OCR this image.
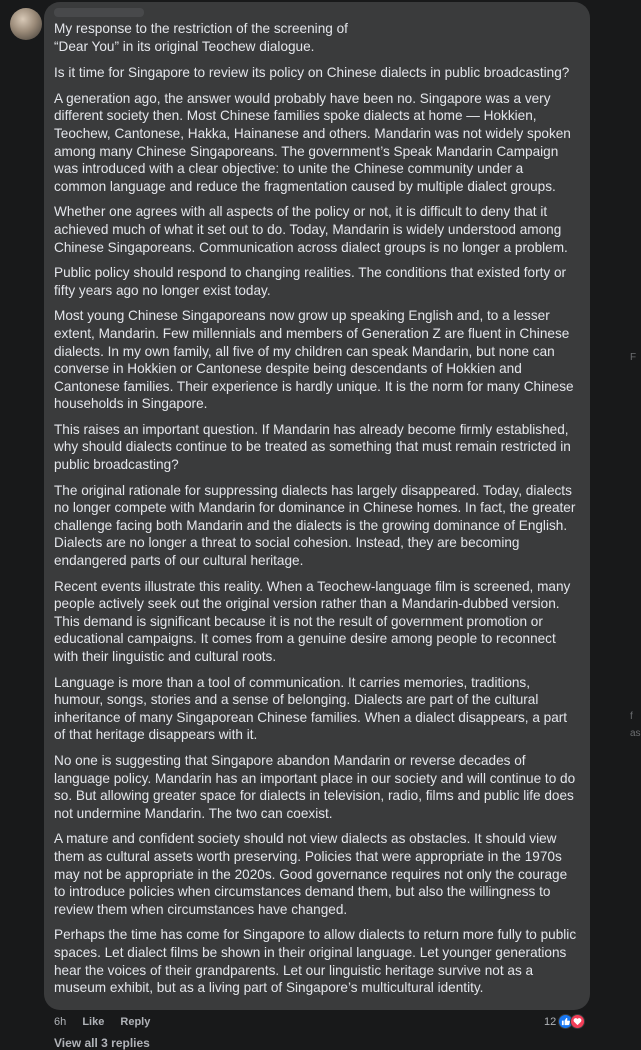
My response to the restriction of the screening of “Dear You” in its original Teochew dialogue.

Is it time for Singapore to review its policy on Chinese dialects in public broadcasting?

A generation ago, the answer would probably have been no. Singapore was a very different society then. Most Chinese families spoke dialects at home — Hokkien, Teochew, Cantonese, Hakka, Hainanese and others. Mandarin was not widely spoken among many Chinese Singaporeans. The government’s Speak Mandarin Campaign was introduced with a clear objective: to unite the Chinese community under a common language and reduce the fragmentation caused by multiple dialect groups.

Whether one agrees with all aspects of the policy or not, it is difficult to deny that it achieved much of what it set out to do. Today, Mandarin is widely understood among Chinese Singaporeans. Communication across dialect groups is no longer a problem.

Public policy should respond to changing realities. The conditions that existed forty or fifty years ago no longer exist today.

Most young Chinese Singaporeans now grow up speaking English and, to a lesser extent, Mandarin. Few millennials and members of Generation Z are fluent in Chinese dialects. In my own family, all five of my children can speak Mandarin, but none can converse in Hokkien or Cantonese despite being descendants of Hokkien and Cantonese families. Their experience is hardly unique. It is the norm for many Chinese households in Singapore.

This raises an important question. If Mandarin has already become firmly established, why should dialects continue to be treated as something that must remain restricted in public broadcasting?

The original rationale for suppressing dialects has largely disappeared. Today, dialects no longer compete with Mandarin for dominance in Chinese homes. In fact, the greater challenge facing both Mandarin and the dialects is the growing dominance of English. Dialects are no longer a threat to social cohesion. Instead, they are becoming endangered parts of our cultural heritage.

Recent events illustrate this reality. When a Teochew-language film is screened, many people actively seek out the original version rather than a Mandarin-dubbed version. This demand is significant because it is not the result of government promotion or educational campaigns. It comes from a genuine desire among people to reconnect with their linguistic and cultural roots.

Language is more than a tool of communication. It carries memories, traditions, humour, songs, stories and a sense of belonging. Dialects are part of the cultural inheritance of many Singaporean Chinese families. When a dialect disappears, a part of that heritage disappears with it.

No one is suggesting that Singapore abandon Mandarin or reverse decades of language policy. Mandarin has an important place in our society and will continue to do so. But allowing greater space for dialects in television, radio, films and public life does not undermine Mandarin. The two can coexist.

A mature and confident society should not view dialects as obstacles. It should view them as cultural assets worth preserving. Policies that were appropriate in the 1970s may not be appropriate in the 2020s. Good governance requires not only the courage to introduce policies when circumstances demand them, but also the willingness to review them when circumstances have changed.

Perhaps the time has come for Singapore to allow dialects to return more fully to public spaces. Let dialect films be shown in their original language. Let younger generations hear the voices of their grandparents. Let our linguistic heritage survive not as a museum exhibit, but as a living part of Singapore’s multicultural identity.

6h Like Reply	12
View all 3 replies
F
f
as
